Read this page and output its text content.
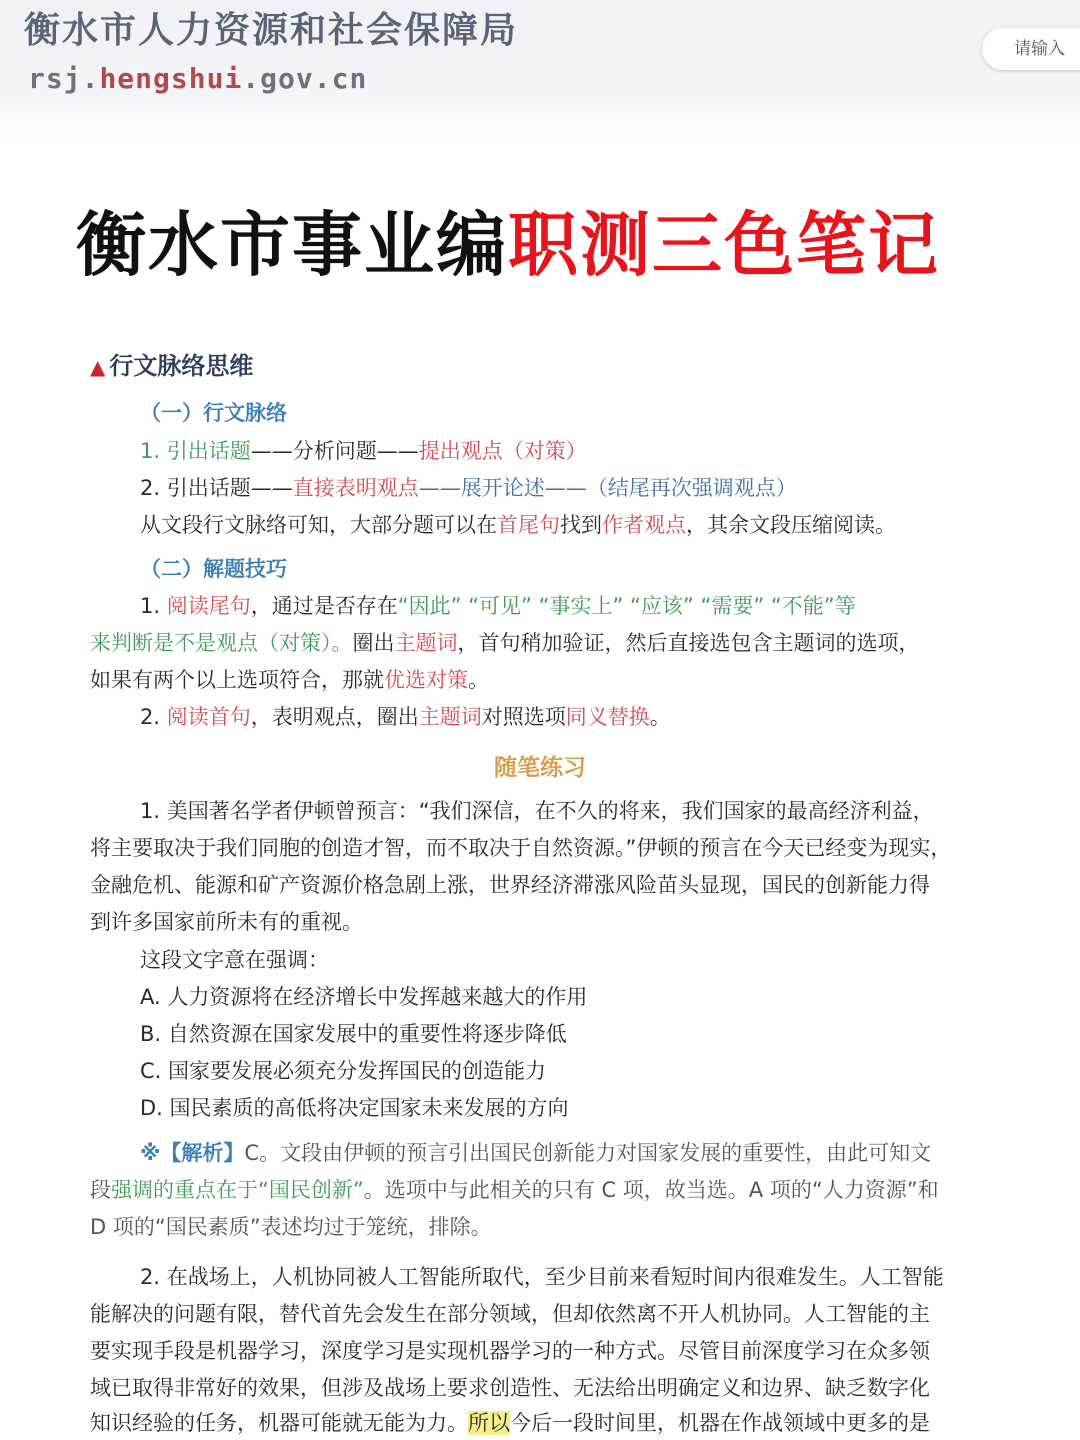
衡水市人力资源和社会保障局
rsj.hengshui.gov.cn
请输入
衡水市事业编职测三色笔记
▲ 行文脉络思维
（一）行文脉络
1. 引出话题——分析问题——提出观点（对策）
2. 引出话题——直接表明观点——展开论述——（结尾再次强调观点）
从文段行文脉络可知，大部分题可以在首尾句找到作者观点，其余文段压缩阅读。
（二）解题技巧
1. 阅读尾句，通过是否存在“因此” “可见” “事实上” “应该” “需要” “不能”等
来判断是不是观点（对策）。圈出主题词，首句稍加验证，然后直接选包含主题词的选项，
如果有两个以上选项符合，那就优选对策。
2. 阅读首句，表明观点，圈出主题词对照选项同义替换。
随笔练习
1. 美国著名学者伊顿曾预言：“我们深信，在不久的将来，我们国家的最高经济利益，
将主要取决于我们同胞的创造才智，而不取决于自然资源。”伊顿的预言在今天已经变为现实，
金融危机、能源和矿产资源价格急剧上涨，世界经济滞涨风险苗头显现，国民的创新能力得
到许多国家前所未有的重视。
这段文字意在强调：
A. 人力资源将在经济增长中发挥越来越大的作用
B. 自然资源在国家发展中的重要性将逐步降低
C. 国家要发展必须充分发挥国民的创造能力
D. 国民素质的高低将决定国家未来发展的方向
※【解析】C。文段由伊顿的预言引出国民创新能力对国家发展的重要性，由此可知文
段强调的重点在于“国民创新”。选项中与此相关的只有 C 项，故当选。A 项的“人力资源”和
D 项的“国民素质”表述均过于笼统，排除。
2. 在战场上，人机协同被人工智能所取代，至少目前来看短时间内很难发生。人工智能
能解决的问题有限，替代首先会发生在部分领域，但却依然离不开人机协同。人工智能的主
要实现手段是机器学习，深度学习是实现机器学习的一种方式。尽管目前深度学习在众多领
域已取得非常好的效果，但涉及战场上要求创造性、无法给出明确定义和边界、缺乏数字化
知识经验的任务，机器可能就无能为力。所以今后一段时间里，机器在作战领域中更多的是
